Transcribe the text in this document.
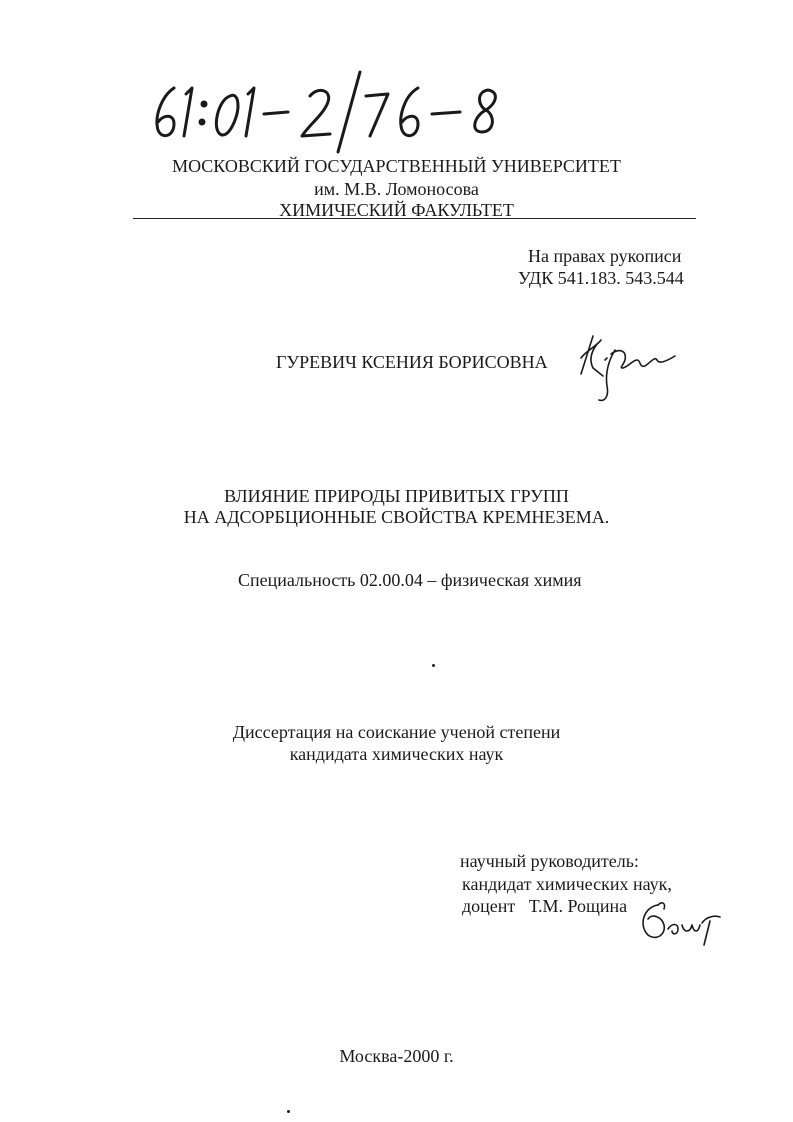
МОСКОВСКИЙ ГОСУДАРСТВЕННЫЙ УНИВЕРСИТЕТ
им. М.В. Ломоносова
ХИМИЧЕСКИЙ ФАКУЛЬТЕТ
На правах рукописи
УДК 541.183. 543.544
ГУРЕВИЧ КСЕНИЯ БОРИСОВНА
ВЛИЯНИЕ ПРИРОДЫ ПРИВИТЫХ ГРУПП
НА АДСОРБЦИОННЫЕ СВОЙСТВА КРЕМНЕЗЕМА.
Специальность 02.00.04 – физическая химия
Диссертация на соискание ученой степени
кандидата химических наук
научный руководитель:
кандидат химических наук,
доцент   Т.М. Рощина
Москва-2000 г.
